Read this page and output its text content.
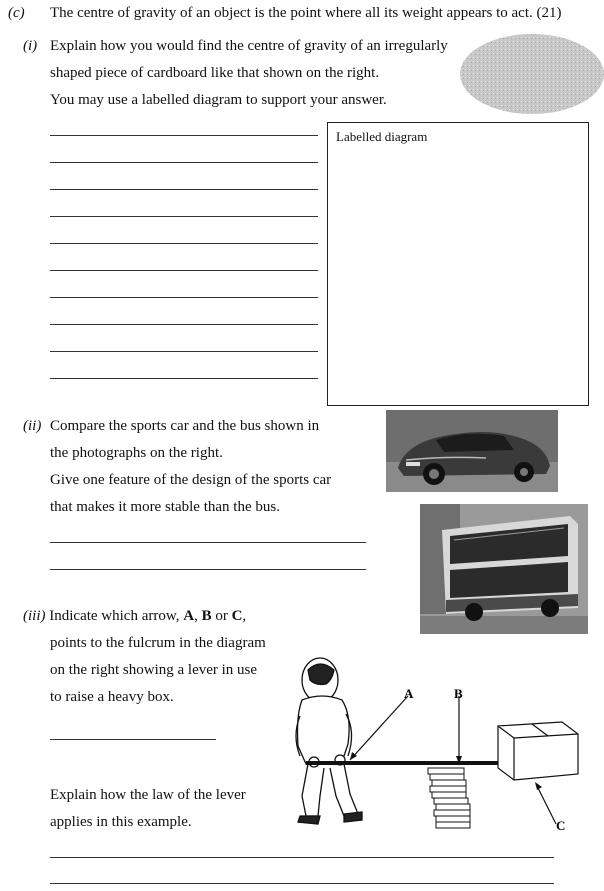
(c) The centre of gravity of an object is the point where all its weight appears to act. (21)
(i) Explain how you would find the centre of gravity of an irregularly
shaped piece of cardboard like that shown on the right.
You may use a labelled diagram to support your answer.
Labelled diagram
(ii) Compare the sports car and the bus shown in
the photographs on the right.
Give one feature of the design of the sports car
that makes it more stable than the bus.
(iii) Indicate which arrow, A, B or C,
points to the fulcrum in the diagram
on the right showing a lever in use
to raise a heavy box.
Explain how the law of the lever
applies in this example.
A	B
C
